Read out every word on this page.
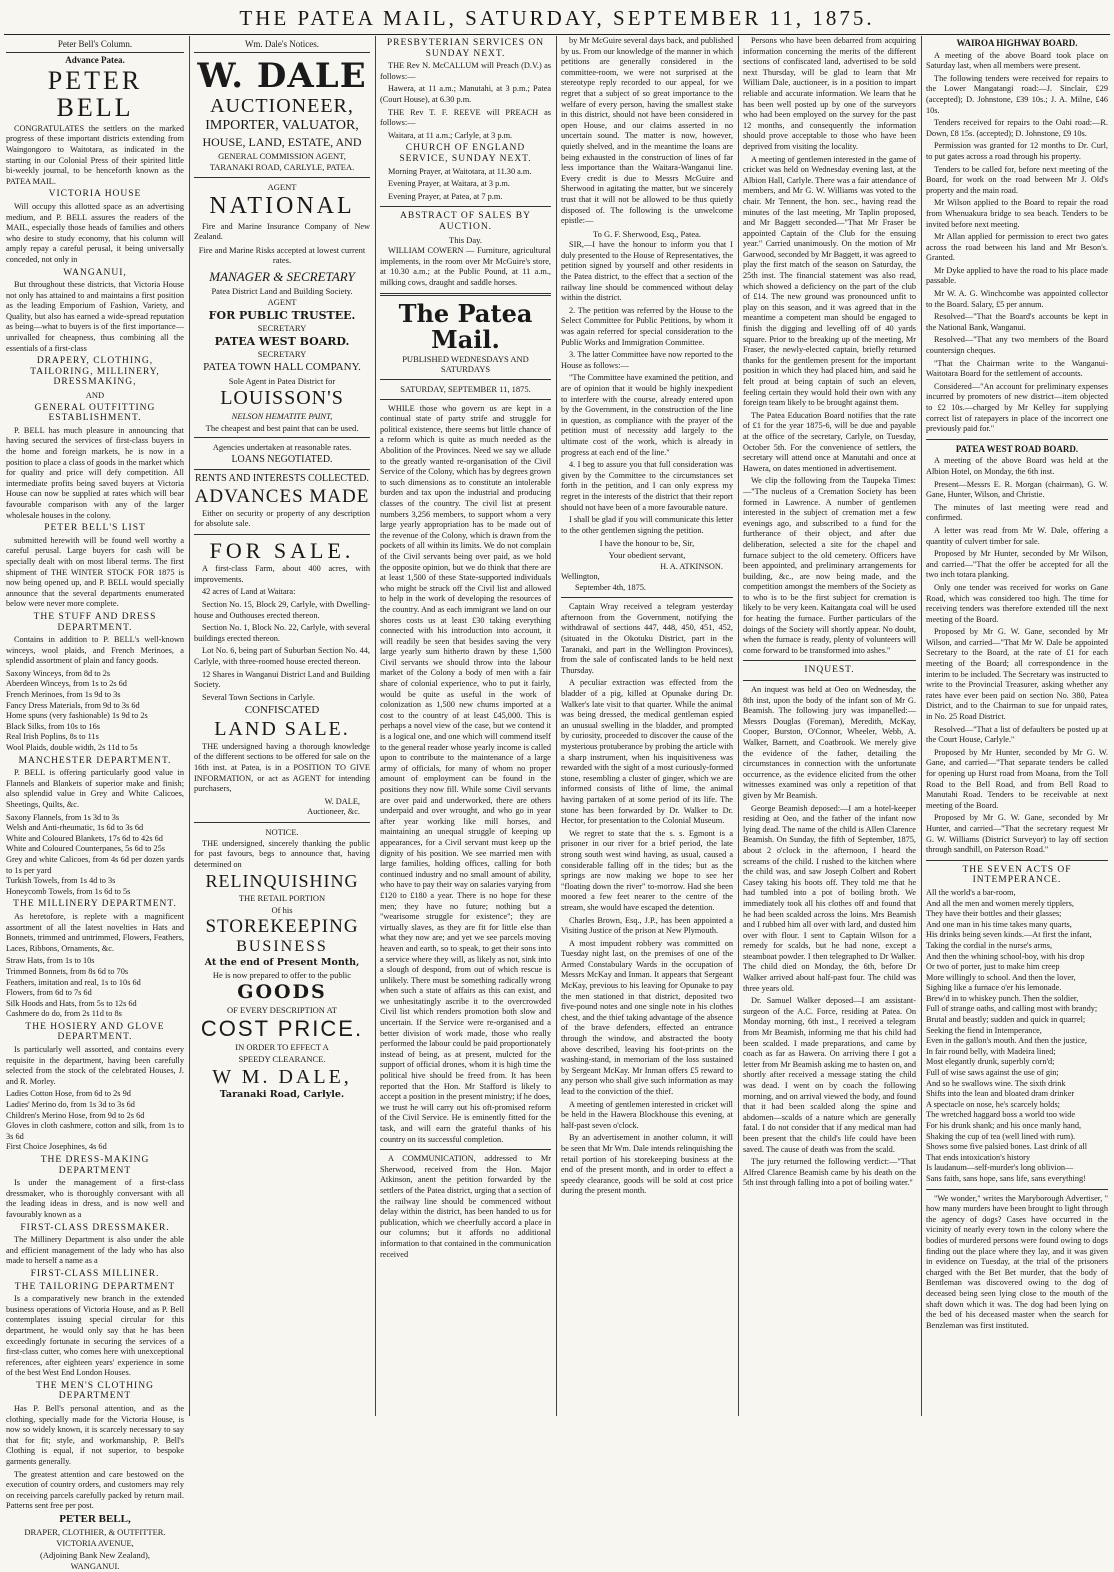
THE PATEA MAIL, SATURDAY, SEPTEMBER 11, 1875.
Peter Bell's Column.
Advance Patea.
PETER BELL

CONGRATULATES the settlers on the marked progress of these important districts extending from Waingongoro to Waitotara, as indicated in the starting in our Colonial Press of their spirited little bi-weekly journal, to be henceforth known as the PATEA MAIL.

VICTORIA HOUSE

Will occupy this allotted space as an advertising medium, and P. BELL assures the readers of the MAIL, especially those heads of families and others who desire to study economy, that his column will amply repay a careful perusal, it being universally conceded, not only in

WANGANUI,

But throughout these districts, that Victoria House not only has attained to and maintains a first position as the leading Emporium of Fashion, Variety, and Quality, but also has earned a wide-spread reputation as being—what to buyers is of the first importance—unrivalled for cheapness, thus combining all the essentials of a first-class

DRAPERY, CLOTHING, TAILORING, MILLINERY, DRESSMAKING,
AND
GENERAL OUTFITTING ESTABLISHMENT.

P. BELL has much pleasure in announcing that having secured the services of first-class buyers in the home and foreign markets, he is now in a position to place a class of goods in the market which for quality and price will defy competition. All intermediate profits being saved buyers at Victoria House can now be supplied at rates which will bear favourable comparison with any of the larger wholesale houses in the colony.

PETER BELL'S LIST

submitted herewith will be found well worthy a careful perusal. Large buyers for cash will be specially dealt with on most liberal terms. The first shipment of THE WINTER STOCK FOR 1875 is now being opened up, and P. BELL would specially announce that the several departments enumerated below were never more complete.

THE STUFF AND DRESS DEPARTMENT.

Contains in addition to P. BELL's well-known winceys, wool plaids, and French Merinoes, a splendid assortment of plain and fancy goods.

Saxony Winceys, from 8d to 2s
Aberdeen Winceys, from 1s to 2s 6d
French Merinoes, from 1s 9d to 3s
Fancy Dress Materials, from 9d to 3s 6d
Home spuns (very fashionable) 1s 9d to 2s
Black Silks, from 10s to 16s
Real Irish Poplins, 8s to 11s
Wool Plaids, double width, 2s 11d to 5s
MANCHESTER DEPARTMENT.

P. BELL is offering particularly good value in Flannels and Blankets of superior make and finish; also splendid value in Grey and White Calicoes, Sheetings, Quilts, &c.

Saxony Flannels, from 1s 3d to 3s
Welsh and Anti-rheumatic, 1s 6d to 3s 6d
White and Coloured Blankets, 17s 6d to 42s 6d
White and Coloured Counterpanes, 5s 6d to 25s
Grey and white Calicoes, from 4s 6d per dozen yards to 1s per yard
Turkish Towels, from 1s 4d to 3s
Honeycomb Towels, from 1s 6d to 5s
THE MILLINERY DEPARTMENT.

As heretofore, is replete with a magnificent assortment of all the latest novelties in Hats and Bonnets, trimmed and untrimmed, Flowers, Feathers, Laces, Ribbons, Ornaments, &c.

Straw Hats, from 1s to 10s
Trimmed Bonnets, from 8s 6d to 70s
Feathers, imitation and real, 1s to 10s 6d
Flowers, from 6d to 7s 6d
Silk Hoods and Hats, from 5s to 12s 6d
Cashmere do do, from 2s 11d to 8s
THE HOSIERY AND GLOVE DEPARTMENT.

Is particularly well assorted, and contains every requisite in the department, having been carefully selected from the stock of the celebrated Houses, J. and R. Morley.

Ladies Cotton Hose, from 6d to 2s 9d
Ladies' Merino do, from 1s 3d to 3s 6d
Children's Merino Hose, from 9d to 2s 6d
Gloves in cloth cashmere, cotton and silk, from 1s to 3s 6d
First Choice Josephines, 4s 6d
THE DRESS-MAKING DEPARTMENT

Is under the management of a first-class dressmaker, who is thoroughly conversant with all the leading ideas in dress, and is now well and favourably known as a

FIRST-CLASS DRESSMAKER.

The Millinery Department is also under the able and efficient management of the lady who has also made to herself a name as a

FIRST-CLASS MILLINER.
THE TAILORING DEPARTMENT

Is a comparatively new branch in the extended business operations of Victoria House, and as P. Bell contemplates issuing special circular for this department, he would only say that he has been exceedingly fortunate in securing the services of a first-class cutter, who comes here with unexceptional references, after eighteen years' experience in some of the best West End London Houses.

THE MEN'S CLOTHING DEPARTMENT

Has P. Bell's personal attention, and as the clothing, specially made for the Victoria House, is now so widely known, it is scarcely necessary to say that for fit; style, and workmanship, P. Bell's Clothing is equal, if not superior, to bespoke garments generally.

The greatest attention and care bestowed on the execution of country orders, and customers may rely on receiving parcels carefully packed by return mail. Patterns sent free per post.

PETER BELL,
DRAPER, CLOTHIER, & OUTFITTER.
VICTORIA AVENUE,
(Adjoining Bank New Zealand),
WANGANUI.
Wm. Dale's Notices.
W. DALE
AUCTIONEER,
IMPORTER, VALUATOR,
HOUSE, LAND, ESTATE, AND
GENERAL COMMISSION AGENT,
TARANAKI ROAD, CARLYLE, PATEA.
AGENT
NATIONAL

Fire and Marine Insurance Company of New Zealand.

Fire and Marine Risks accepted at lowest current rates.
MANAGER & SECRETARY
Patea District Land and Building Society.
AGENT
FOR PUBLIC TRUSTEE.
SECRETARY
PATEA WEST BOARD.
SECRETARY
PATEA TOWN HALL COMPANY.
Sole Agent in Patea District for
LOUISSON'S
NELSON HEMATITE PAINT,
The cheapest and best paint that can be used.
Agencies undertaken at reasonable rates.
LOANS NEGOTIATED.
RENTS AND INTERESTS COLLECTED.
ADVANCES MADE

Either on security or property of any description for absolute sale.

FOR SALE.

A first-class Farm, about 400 acres, with improvements.

42 acres of Land at Waitara:

Section No. 15, Block 29, Carlyle, with Dwelling-house and Outhouses erected thereon.

Section No. 1, Block No. 22, Carlyle, with several buildings erected thereon.

Lot No. 6, being part of Suburban Section No. 44, Carlyle, with three-roomed house erected thereon.

12 Shares in Wanganui District Land and Building Society.

Several Town Sections in Carlyle.

CONFISCATED
LAND SALE.

THE undersigned having a thorough knowledge of the different sections to be offered for sale on the 16th inst. at Patea, is in a POSITION TO GIVE INFORMATION, or act as AGENT for intending purchasers,

W. DALE,
Auctioneer, &c.
NOTICE.

THE undersigned, sincerely thanking the public for past favours, begs to announce that, having determined on

RELINQUISHING
THE RETAIL PORTION
Of his
STOREKEEPING
BUSINESS
At the end of Present Month,
He is now prepared to offer to the public
GOODS
OF EVERY DESCRIPTION AT
COST PRICE.
IN ORDER TO EFFECT A
SPEEDY CLEARANCE.
W M. DALE,
Taranaki Road, Carlyle.
PRESBYTERIAN SERVICES ON SUNDAY NEXT.

THE Rev N. McCALLUM will Preach (D.V.) as follows:—

Hawera, at 11 a.m.; Manutahi, at 3 p.m.; Patea (Court House), at 6.30 p.m.

THE Rev T. F. REEVE will PREACH as follows:—

Waitara, at 11 a.m.; Carlyle, at 3 p.m.

CHURCH OF ENGLAND SERVICE, SUNDAY NEXT.

Morning Prayer, at Waitotara, at 11.30 a.m.

Evening Prayer, at Waitara, at 3 p.m.

Evening Prayer, at Patea, at 7 p.m.

ABSTRACT OF SALES BY AUCTION.
This Day.

WILLIAM COWERN — Furniture, agricultural implements, in the room over Mr McGuire's store, at 10.30 a.m.; at the Public Pound, at 11 a.m., milking cows, draught and saddle horses.

The Patea Mail.
PUBLISHED WEDNESDAYS AND SATURDAYS
SATURDAY, SEPTEMBER 11, 1875.

WHILE those who govern us are kept in a continual state of party strife and struggle for political existence, there seems but little chance of a reform which is quite as much needed as the Abolition of the Provinces. Need we say we allude to the greatly wanted re-organisation of the Civil Service of the Colony, which has by degrees grown to such dimensions as to constitute an intolerable burden and tax upon the industrial and producing classes of the country. The civil list at present numbers 3,256 members, to support whom a very large yearly appropriation has to be made out of the revenue of the Colony, which is drawn from the pockets of all within its limits. We do not complain of the Civil servants being over paid, as we hold the opposite opinion, but we do think that there are at least 1,500 of these State-supported individuals who might be struck off the Civil list and allowed to help in the work of developing the resources of the country. And as each immigrant we land on our shores costs us at least £30 taking everything connected with his introduction into account, it will readily be seen that besides saving the very large yearly sum hitherto drawn by these 1,500 Civil servants we should throw into the labour market of the Colony a body of men with a fair share of colonial experience, who to put it fairly, would be quite as useful in the work of colonization as 1,500 new chums imported at a cost to the country of at least £45,000. This is perhaps a novel view of the case, but we contend it is a logical one, and one which will commend itself to the general reader whose yearly income is called upon to contribute to the maintenance of a large army of officials, for many of whom no proper amount of employment can be found in the positions they now fill. While some Civil servants are over paid and underworked, there are others underpaid and over wrought, and who go in year after year working like mill horses, and maintaining an unequal struggle of keeping up appearances, for a Civil servant must keep up the dignity of his position. We see married men with large families, holding offices, calling for both continued industry and no small amount of ability, who have to pay their way on salaries varying from £120 to £180 a year. There is no hope for these men; they have no future; nothing but a "wearisome struggle for existence"; they are virtually slaves, as they are fit for little else than what they now are; and yet we see parcels moving heaven and earth, so to speak, to get their sons into a service where they will, as likely as not, sink into a slough of despond, from out of which rescue is unlikely. There must be something radically wrong when such a state of affairs as this can exist, and we unhesitatingly ascribe it to the overcrowded Civil list which renders promotion both slow and uncertain. If the Service were re-organised and a better division of work made, those who really performed the labour could be paid proportionately instead of being, as at present, mulcted for the support of official drones, whom it is high time the political hive should be freed from. It has been reported that the Hon. Mr Stafford is likely to accept a position in the present ministry; if he does, we trust he will carry out his oft-promised reform of the Civil Service. He is eminently fitted for the task, and will earn the grateful thanks of his country on its successful completion.

A COMMUNICATION, addressed to Mr Sherwood, received from the Hon. Major Atkinson, anent the petition forwarded by the settlers of the Patea district, urging that a section of the railway line should be commenced without delay within the district, has been handed to us for publication, which we cheerfully accord a place in our columns; but it affords no additional information to that contained in the communication received

by Mr McGuire several days back, and published by us. From our knowledge of the manner in which petitions are generally considered in the committee-room, we were not surprised at the stereotype reply recorded to our appeal, for we regret that a subject of so great importance to the welfare of every person, having the smallest stake in this district, should not have been considered in open House, and our claims asserted in no uncertain sound. The matter is now, however, quietly shelved, and in the meantime the loans are being exhausted in the construction of lines of far less importance than the Waitara-Wanganui line. Every credit is due to Messrs McGuire and Sherwood in agitating the matter, but we sincerely trust that it will not be allowed to be thus quietly disposed of. The following is the unwelcome epistle:—

To G. F. Sherwood, Esq., Patea.

SIR,—I have the honour to inform you that I duly presented to the House of Representatives, the petition signed by yourself and other residents in the Patea district, to the effect that a section of the railway line should be commenced without delay within the district.

2. The petition was referred by the House to the Select Committee for Public Petitions, by whom it was again referred for special consideration to the Public Works and Immigration Committee.

3. The latter Committee have now reported to the House as follows:—

"The Committee have examined the petition, and are of opinion that it would be highly inexpedient to interfere with the course, already entered upon by the Government, in the construction of the line in question, as compliance with the prayer of the petition must of necessity add largely to the ultimate cost of the work, which is already in progress at each end of the line."

4. I beg to assure you that full consideration was given by the Committee to the circumstances set forth in the petition, and I can only express my regret in the interests of the district that their report should not have been of a more favourable nature.

I shall be glad if you will communicate this letter to the other gentlemen signing the petition.

I have the honour to be, Sir,
Your obedient servant,
H. A. ATKINSON.
Wellington,
September 4th, 1875.

Captain Wray received a telegram yesterday afternoon from the Government, notifying the withdrawal of sections 447, 448, 450, 451, 452, (situated in the Okotuku District, part in the Taranaki, and part in the Wellington Provinces), from the sale of confiscated lands to be held next Thursday.

A peculiar extraction was effected from the bladder of a pig, killed at Opunake during Dr. Walker's late visit to that quarter. While the animal was being dressed, the medical gentleman espied an unusual swelling in the bladder, and prompted by curiosity, proceeded to discover the cause of the mysterious protuberance by probing the article with a sharp instrument, when his inquisitiveness was rewarded with the sight of a most curiously-formed stone, resembling a cluster of ginger, which we are informed consists of lithe of lime, the animal having partaken of at some period of its life. The stone has been forwarded by Dr. Walker to Dr. Hector, for presentation to the Colonial Museum.

We regret to state that the s. s. Egmont is a prisoner in our river for a brief period, the late strong south west wind having, as usual, caused a considerable falling off in the tides; but as the springs are now making we hope to see her "floating down the river" to-morrow. Had she been moored a few feet nearer to the centre of the stream, she would have escaped the detention.

Charles Brown, Esq., J.P., has been appointed a Visiting Justice of the prison at New Plymouth.

A most impudent robbery was committed on Tuesday night last, on the premises of one of the Armed Constabulary Wards in the occupation of Messrs McKay and Inman. It appears that Sergeant McKay, previous to his leaving for Opunake to pay the men stationed in that district, deposited two five-pound notes and one single note in his clothes chest, and the thief taking advantage of the absence of the brave defenders, effected an entrance through the window, and abstracted the booty above described, leaving his foot-prints on the washing-stand, in memoriam of the loss sustained by Sergeant McKay. Mr Inman offers £5 reward to any person who shall give such information as may lead to the conviction of the thief.

A meeting of gentlemen interested in cricket will be held in the Hawera Blockhouse this evening, at half-past seven o'clock.

By an advertisement in another column, it will be seen that Mr Wm. Dale intends relinquishing the retail portion of his storekeeping business at the end of the present month, and in order to effect a speedy clearance, goods will be sold at cost price during the present month.

Persons who have been debarred from acquiring information concerning the merits of the different sections of confiscated land, advertised to be sold next Thursday, will be glad to learn that Mr William Dale, auctioneer, is in a position to impart reliable and accurate information. We learn that he has been well posted up by one of the surveyors who had been employed on the survey for the past 12 months, and consequently the information should prove acceptable to those who have been deprived from visiting the locality.

A meeting of gentlemen interested in the game of cricket was held on Wednesday evening last, at the Albion Hall, Carlyle. There was a fair attendance of members, and Mr G. W. Williams was voted to the chair. Mr Tennent, the hon. sec., having read the minutes of the last meeting, Mr Taplin proposed, and Mr Baggett seconded—"That Mr Fraser be appointed Captain of the Club for the ensuing year." Carried unanimously. On the motion of Mr Garwood, seconded by Mr Baggett, it was agreed to play the first match of the season on Saturday, the 25th inst. The financial statement was also read, which showed a deficiency on the part of the club of £14. The new ground was pronounced unfit to play on this season, and it was agreed that in the meantime a competent man should be engaged to finish the digging and levelling off of 40 yards square. Prior to the breaking up of the meeting, Mr Fraser, the newly-elected captain, briefly returned thanks for the gentlemen present for the important position in which they had placed him, and said he felt proud at being captain of such an eleven, feeling certain they would hold their own with any foreign team likely to be brought against them.

The Patea Education Board notifies that the rate of £1 for the year 1875-6, will be due and payable at the office of the secretary, Carlyle, on Tuesday, October 5th. For the convenience of settlers, the secretary will attend once at Manutahi and once at Hawera, on dates mentioned in advertisement.

We clip the following from the Taupeka Times:—"The nucleus of a Cremation Society has been formed in Lawrence. A number of gentlemen interested in the subject of cremation met a few evenings ago, and subscribed to a fund for the furtherance of their object, and after due deliberation, selected a site for the chapel and furnace subject to the old cemetery. Officers have been appointed, and preliminary arrangements for building, &c., are now being made, and the competition amongst the members of the Society as to who is to be the first subject for cremation is likely to be very keen. Kaitangata coal will be used for heating the furnace. Further particulars of the doings of the Society will shortly appear. No doubt, when the furnace is ready, plenty of volunteers will come forward to be transformed into ashes."

INQUEST.

An inquest was held at Oeo on Wednesday, the 8th inst, upon the body of the infant son of Mr G. Beamish. The following jury was impanelled:—Messrs Douglas (Foreman), Meredith, McKay, Cooper, Burston, O'Connor, Wheeler, Webb, A. Walker, Barnett, and Coatbrook. We merely give the evidence of the father, detailing the circumstances in connection with the unfortunate occurrence, as the evidence elicited from the other witnesses examined was only a repetition of that given by Mr Beamish.

George Beamish deposed:—I am a hotel-keeper residing at Oeo, and the father of the infant now lying dead. The name of the child is Allen Clarence Beamish. On Sunday, the fifth of September, 1875, about 2 o'clock in the afternoon, I heard the screams of the child. I rushed to the kitchen where the child was, and saw Joseph Colbert and Robert Casey taking his boots off. They told me that he had tumbled into a pot of boiling broth. We immediately took all his clothes off and found that he had been scalded across the loins. Mrs Beamish and I rubbed him all over with lard, and dusted him over with flour. I sent to Captain Wilson for a remedy for scalds, but he had none, except a steamboat powder. I then telegraphed to Dr Walker. The child died on Monday, the 6th, before Dr Walker arrived about half-past four. The child was three years old.

Dr. Samuel Walker deposed—I am assistant-surgeon of the A.C. Force, residing at Patea. On Monday morning, 6th inst., I received a telegram from Mr Beamish, informing me that his child had been scalded. I made preparations, and came by coach as far as Hawera. On arriving there I got a letter from Mr Beamish asking me to hasten on, and shortly after received a message stating the child was dead. I went on by coach the following morning, and on arrival viewed the body, and found that it had been scalded along the spine and abdomen—scalds of a nature which are generally fatal. I do not consider that if any medical man had been present that the child's life could have been saved. The cause of death was from the scald.

The jury returned the following verdict:—"That Alfred Clarence Beamish came by his death on the 5th inst through falling into a pot of boiling water."

WAIROA HIGHWAY BOARD.

A meeting of the above Board took place on Saturday last, when all members were present.

The following tenders were received for repairs to the Lower Mangatangi road:—J. Sinclair, £29 (accepted); D. Johnstone, £39 10s.; J. A. Milne, £46 10s.

Tenders received for repairs to the Oahi road:—R. Down, £8 15s. (accepted); D. Johnstone, £9 10s.

Permission was granted for 12 months to Dr. Curl, to put gates across a road through his property.

Tenders to be called for, before next meeting of the Board, for work on the road between Mr J. Old's property and the main road.

Mr Wilson applied to the Board to repair the road from Whenuakura bridge to sea beach. Tenders to be invited before next meeting.

Mr Allan applied for permission to erect two gates across the road between his land and Mr Beson's. Granted.

Mr Dyke applied to have the road to his place made passable.

Mr W. A. G. Winchcombe was appointed collector to the Board. Salary, £5 per annum.

Resolved—"That the Board's accounts be kept in the National Bank, Wanganui.

Resolved—"That any two members of the Board countersign cheques.

"That the Chairman write to the Wanganui-Waitotara Board for the settlement of accounts.

Considered—"An account for preliminary expenses incurred by promoters of new district—item objected to £2 10s.—charged by Mr Kelley for supplying correct list of ratepayers in place of the incorrect one previously paid for."

PATEA WEST ROAD BOARD.

A meeting of the above Board was held at the Albion Hotel, on Monday, the 6th inst.

Present—Messrs E. R. Morgan (chairman), G. W. Gane, Hunter, Wilson, and Christie.

The minutes of last meeting were read and confirmed.

A letter was read from Mr W. Dale, offering a quantity of culvert timber for sale.

Proposed by Mr Hunter, seconded by Mr Wilson, and carried—"That the offer be accepted for all the two inch totara planking.

Only one tender was received for works on Gane Road, which was considered too high. The time for receiving tenders was therefore extended till the next meeting of the Board.

Proposed by Mr G. W. Gane, seconded by Mr Wilson, and carried—"That Mr W. Dale be appointed Secretary to the Board, at the rate of £1 for each meeting of the Board; all correspondence in the interim to be included. The Secretary was instructed to write to the Provincial Treasurer, asking whether any rates have ever been paid on section No. 380, Patea District, and to the Chairman to sue for unpaid rates, in No. 25 Road District.

Resolved—"That a list of defaulters be posted up at the Court House, Carlyle."

Proposed by Mr Hunter, seconded by Mr G. W. Gane, and carried—"That separate tenders be called for opening up Hurst road from Moana, from the Toll Road to the Bell Road, and from Bell Road to Manutahi Road. Tenders to be receivable at next meeting of the Board.

Proposed by Mr G. W. Gane, seconded by Mr Hunter, and carried—"That the secretary request Mr G. W. Williams (District Surveyor) to lay off section through sandhill, on Paterson Road."

THE SEVEN ACTS OF INTEMPERANCE.

All the world's a bar-room,

And all the men and women merely tipplers,

They have their bottles and their glasses;

And one man in his time takes many quarts,

His drinks being seven kinds.—At first the infant,

Taking the cordial in the nurse's arms,

And then the whining school-boy, with his drop

Or two of porter, just to make him creep

More willingly to school. And then the lover,

Sighing like a furnace o'er his lemonade.

Brew'd in to whiskey punch. Then the soldier,

Full of strange oaths, and calling most with brandy;

Brutal and beastly; sudden and quick in quarrel;

Seeking the fiend in Intemperance,

Even in the gallon's mouth. And then the justice,

In fair round belly, with Madeira lined;

Most elegantly drunk, superbly corn'd;

Full of wise saws against the use of gin;

And so he swallows wine. The sixth drink

Shifts into the lean and bloated dram drinker

A spectacle on nose, he's scarcely holds;

The wretched haggard boss a world too wide

For his drunk shank; and his once manly hand,

Shaking the cup of tea (well lined with rum).

Shows some five palsied bones. Last drink of all

That ends intoxication's history

Is laudanum—self-murder's long oblivion—

Sans faith, sans hope, sans life, sans everything!

"We wonder," writes the Maryborough Advertiser, " how many murders have been brought to light through the agency of dogs? Cases have occurred in the vicinity of nearly every town in the colony where the bodies of murdered persons were found owing to dogs finding out the place where they lay, and it was given in evidence on Tuesday, at the trial of the prisoners charged with the Bet Bet murder, that the body of Bentleman was discovered owing to the dog of deceased being seen lying close to the mouth of the shaft down which it was. The dog had been lying on the bed of his deceased master when the search for Benzleman was first instituted.
